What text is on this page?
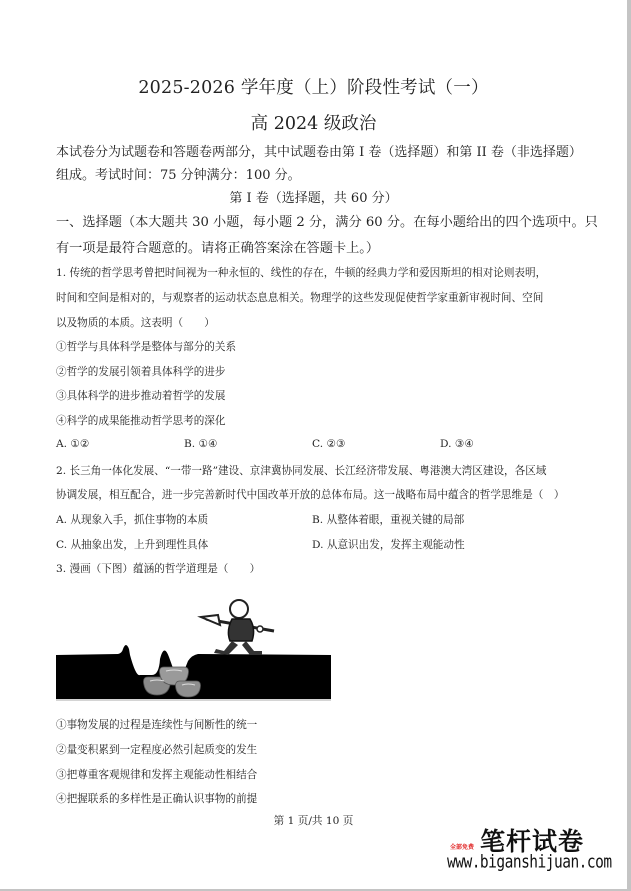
2025-2026 学年度（上）阶段性考试（一）
高 2024 级政治
本试卷分为试题卷和答题卷两部分，其中试题卷由第 I 卷（选择题）和第 II 卷（非选择题）
组成。考试时间：75 分钟满分：100 分。
第 I 卷（选择题，共 60 分）
一、选择题（本大题共 30 小题，每小题 2 分，满分 60 分。在每小题给出的四个选项中。只
有一项是最符合题意的。请将正确答案涂在答题卡上。）
1. 传统的哲学思考曾把时间视为一种永恒的、线性的存在，牛顿的经典力学和爱因斯坦的相对论则表明，
时间和空间是相对的，与观察者的运动状态息息相关。物理学的这些发现促使哲学家重新审视时间、空间
以及物质的本质。这表明（　　）
①哲学与具体科学是整体与部分的关系
②哲学的发展引领着具体科学的进步
③具体科学的进步推动着哲学的发展
④科学的成果能推动哲学思考的深化
A. ①②	B. ①④	C. ②③	D. ③④
2. 长三角一体化发展、“一带一路”建设、京津冀协同发展、长江经济带发展、粤港澳大湾区建设，各区域
协调发展，相互配合，进一步完善新时代中国改革开放的总体布局。这一战略布局中蕴含的哲学思维是（　）
A. 从现象入手，抓住事物的本质	B. 从整体着眼，重视关键的局部
C. 从抽象出发，上升到理性具体	D. 从意识出发，发挥主观能动性
3. 漫画（下图）蕴涵的哲学道理是（　　）
①事物发展的过程是连续性与间断性的统一
②量变积累到一定程度必然引起质变的发生
③把尊重客观规律和发挥主观能动性相结合
④把握联系的多样性是正确认识事物的前提
第 1 页/共 10 页
全部免费 笔杆试卷
www.biganshijuan.com
